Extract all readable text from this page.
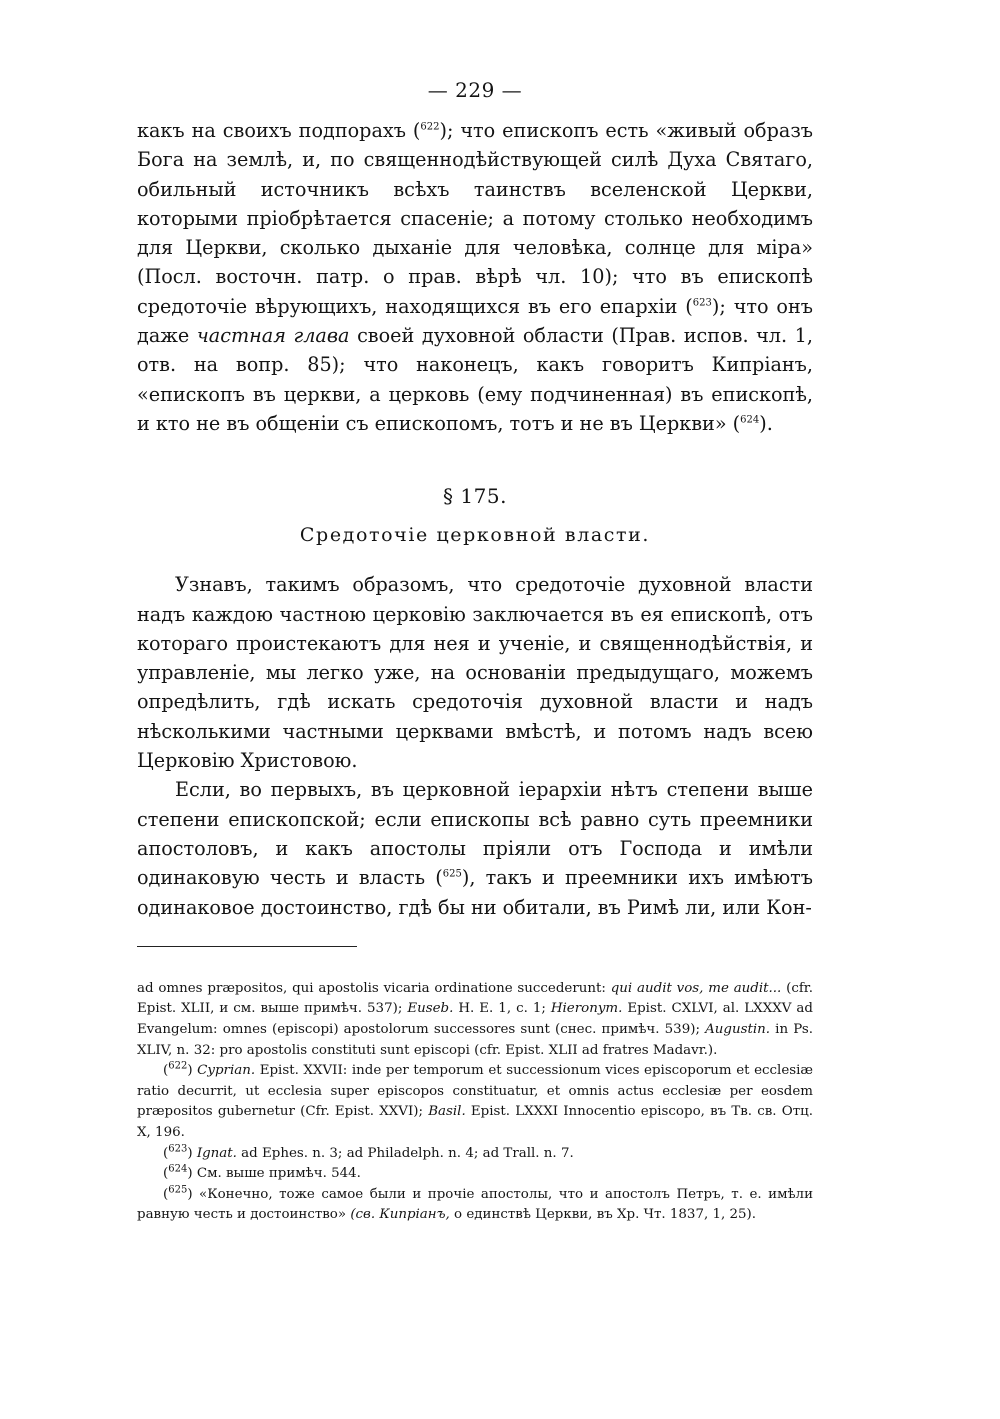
— 229 —

какъ на своихъ подпорахъ ($^{622}$); что епископъ есть «живый образъ Бога на землѣ, и, по священнодѣйствующей силѣ Духа Святаго, обильный источникъ всѣхъ таинствъ вселенской Церкви, которыми пріобрѣтается спасеніе; а потому столько необходимъ для Церкви, сколько дыханіе для человѣка, солнце для міра» (Посл. восточн. патр. о прав. вѣрѣ чл. 10); что въ епископѣ средоточіе вѣрующихъ, находящихся въ его епархіи ($^{623}$); что онъ даже частная глава своей духовной области (Прав. испов. чл. 1, отв. на вопр. 85); что наконецъ, какъ говоритъ Кипріанъ, «епископъ въ церкви, а церковь (ему подчиненная) въ епископѣ, и кто не въ общеніи съ епископомъ, тотъ и не въ Церкви» ($^{624}$).

§ 175.
Средоточіе церковной власти.

Узнавъ, такимъ образомъ, что средоточіе духовной власти надъ каждою частною церковію заключается въ ея епископѣ, отъ котораго проистекаютъ для нея и ученіе, и священнодѣйствія, и управленіе, мы легко уже, на основаніи предыдущаго, можемъ опредѣлить, гдѣ искать средоточія духовной власти и надъ нѣсколькими частными церквами вмѣстѣ, и потомъ надъ всею Церковію Христовою.

Если, во первыхъ, въ церковной іерархіи нѣтъ степени выше степени епископской; если епископы всѣ равно суть преемники апостоловъ, и какъ апостолы пріяли отъ Господа и имѣли одинаковую честь и власть ($^{625}$), такъ и преемники ихъ имѣютъ одинаковое достоинство, гдѣ бы ни обитали, въ Римѣ ли, или Кон-

ad omnes præpositos, qui apostolis vicaria ordinatione succederunt: qui audit vos, me audit... (cfr. Epist. XLII, и см. выше примѣч. 537); Euseb. H. E. 1, c. 1; Hieronym. Epist. CXLVI, al. LXXXV ad Evangelum: omnes (episcopi) apostolorum successores sunt (снес. примѣч. 539); Augustin. in Ps. XLIV, n. 32: pro apostolis constituti sunt episcopi (cfr. Epist. XLII ad fratres Madavr.).

($^{622}$) Cyprian. Epist. XXVII: inde per temporum et successionum vices episcoporum et ecclesiæ ratio decurrit, ut ecclesia super episcopos constituatur, et omnis actus ecclesiæ per eosdem præpositos gubernetur (Cfr. Epist. XXVI); Basil. Epist. LXXXI Innocentio episcopo, въ Тв. св. Отц. X, 196.

($^{623}$) Ignat. ad Ephes. n. 3; ad Philadelph. n. 4; ad Trall. n. 7.

($^{624}$) См. выше примѣч. 544.

($^{625}$) «Конечно, тоже самое были и прочіе апостолы, что и апостолъ Петръ, т. е. имѣли равную честь и достоинство» (св. Кипріанъ, о единствѣ Церкви, въ Хр. Чт. 1837, 1, 25).
